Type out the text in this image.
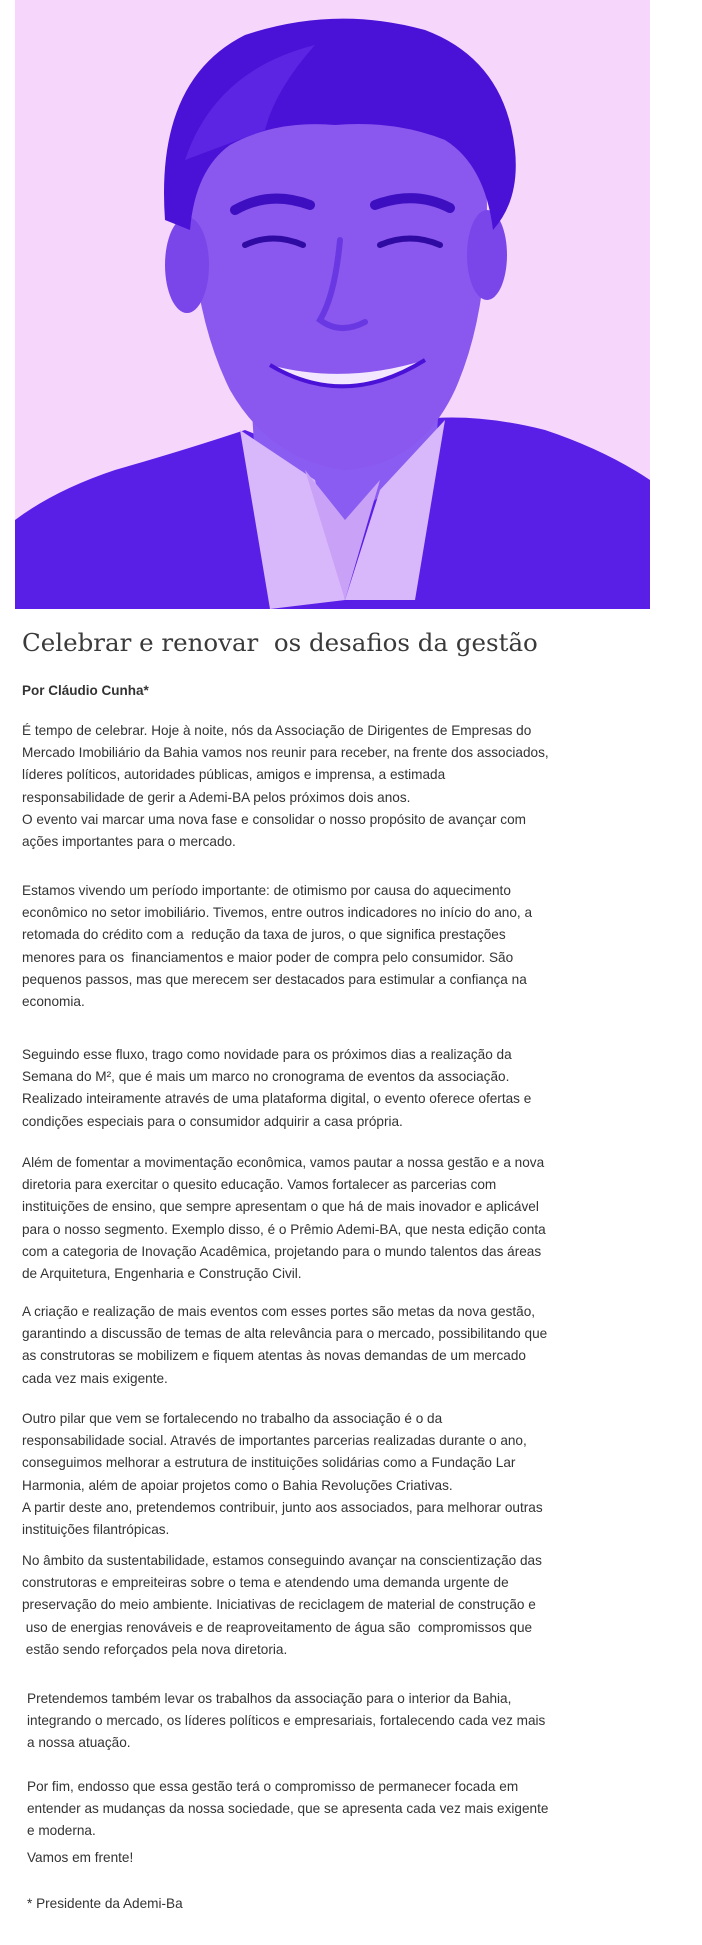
Celebrar e renovar  os desafios da gestão

Por Cláudio Cunha*

É tempo de celebrar. Hoje à noite, nós da Associação de Dirigentes de Empresas do
Mercado Imobiliário da Bahia vamos nos reunir para receber, na frente dos associados,
líderes políticos, autoridades públicas, amigos e imprensa, a estimada
responsabilidade de gerir a Ademi-BA pelos próximos dois anos.
O evento vai marcar uma nova fase e consolidar o nosso propósito de avançar com
ações importantes para o mercado.
Estamos vivendo um período importante: de otimismo por causa do aquecimento
econômico no setor imobiliário. Tivemos, entre outros indicadores no início do ano, a
retomada do crédito com a  redução da taxa de juros, o que significa prestações
menores para os  financiamentos e maior poder de compra pelo consumidor. São
pequenos passos, mas que merecem ser destacados para estimular a confiança na
economia.
Seguindo esse fluxo, trago como novidade para os próximos dias a realização da
Semana do M², que é mais um marco no cronograma de eventos da associação.
Realizado inteiramente através de uma plataforma digital, o evento oferece ofertas e
condições especiais para o consumidor adquirir a casa própria.
Além de fomentar a movimentação econômica, vamos pautar a nossa gestão e a nova
diretoria para exercitar o quesito educação. Vamos fortalecer as parcerias com
instituições de ensino, que sempre apresentam o que há de mais inovador e aplicável
para o nosso segmento. Exemplo disso, é o Prêmio Ademi-BA, que nesta edição conta
com a categoria de Inovação Acadêmica, projetando para o mundo talentos das áreas
de Arquitetura, Engenharia e Construção Civil.
A criação e realização de mais eventos com esses portes são metas da nova gestão,
garantindo a discussão de temas de alta relevância para o mercado, possibilitando que
as construtoras se mobilizem e fiquem atentas às novas demandas de um mercado
cada vez mais exigente.
Outro pilar que vem se fortalecendo no trabalho da associação é o da
responsabilidade social. Através de importantes parcerias realizadas durante o ano,
conseguimos melhorar a estrutura de instituições solidárias como a Fundação Lar
Harmonia, além de apoiar projetos como o Bahia Revoluções Criativas.
A partir deste ano, pretendemos contribuir, junto aos associados, para melhorar outras
instituições filantrópicas.
No âmbito da sustentabilidade, estamos conseguindo avançar na conscientização das
construtoras e empreiteiras sobre o tema e atendendo uma demanda urgente de
preservação do meio ambiente. Iniciativas de reciclagem de material de construção e
uso de energias renováveis e de reaproveitamento de água são  compromissos que
estão sendo reforçados pela nova diretoria.
Pretendemos também levar os trabalhos da associação para o interior da Bahia,
integrando o mercado, os líderes políticos e empresariais, fortalecendo cada vez mais
a nossa atuação.
Por fim, endosso que essa gestão terá o compromisso de permanecer focada em
entender as mudanças da nossa sociedade, que se apresenta cada vez mais exigente
e moderna.
Vamos em frente!
* Presidente da Ademi-Ba
